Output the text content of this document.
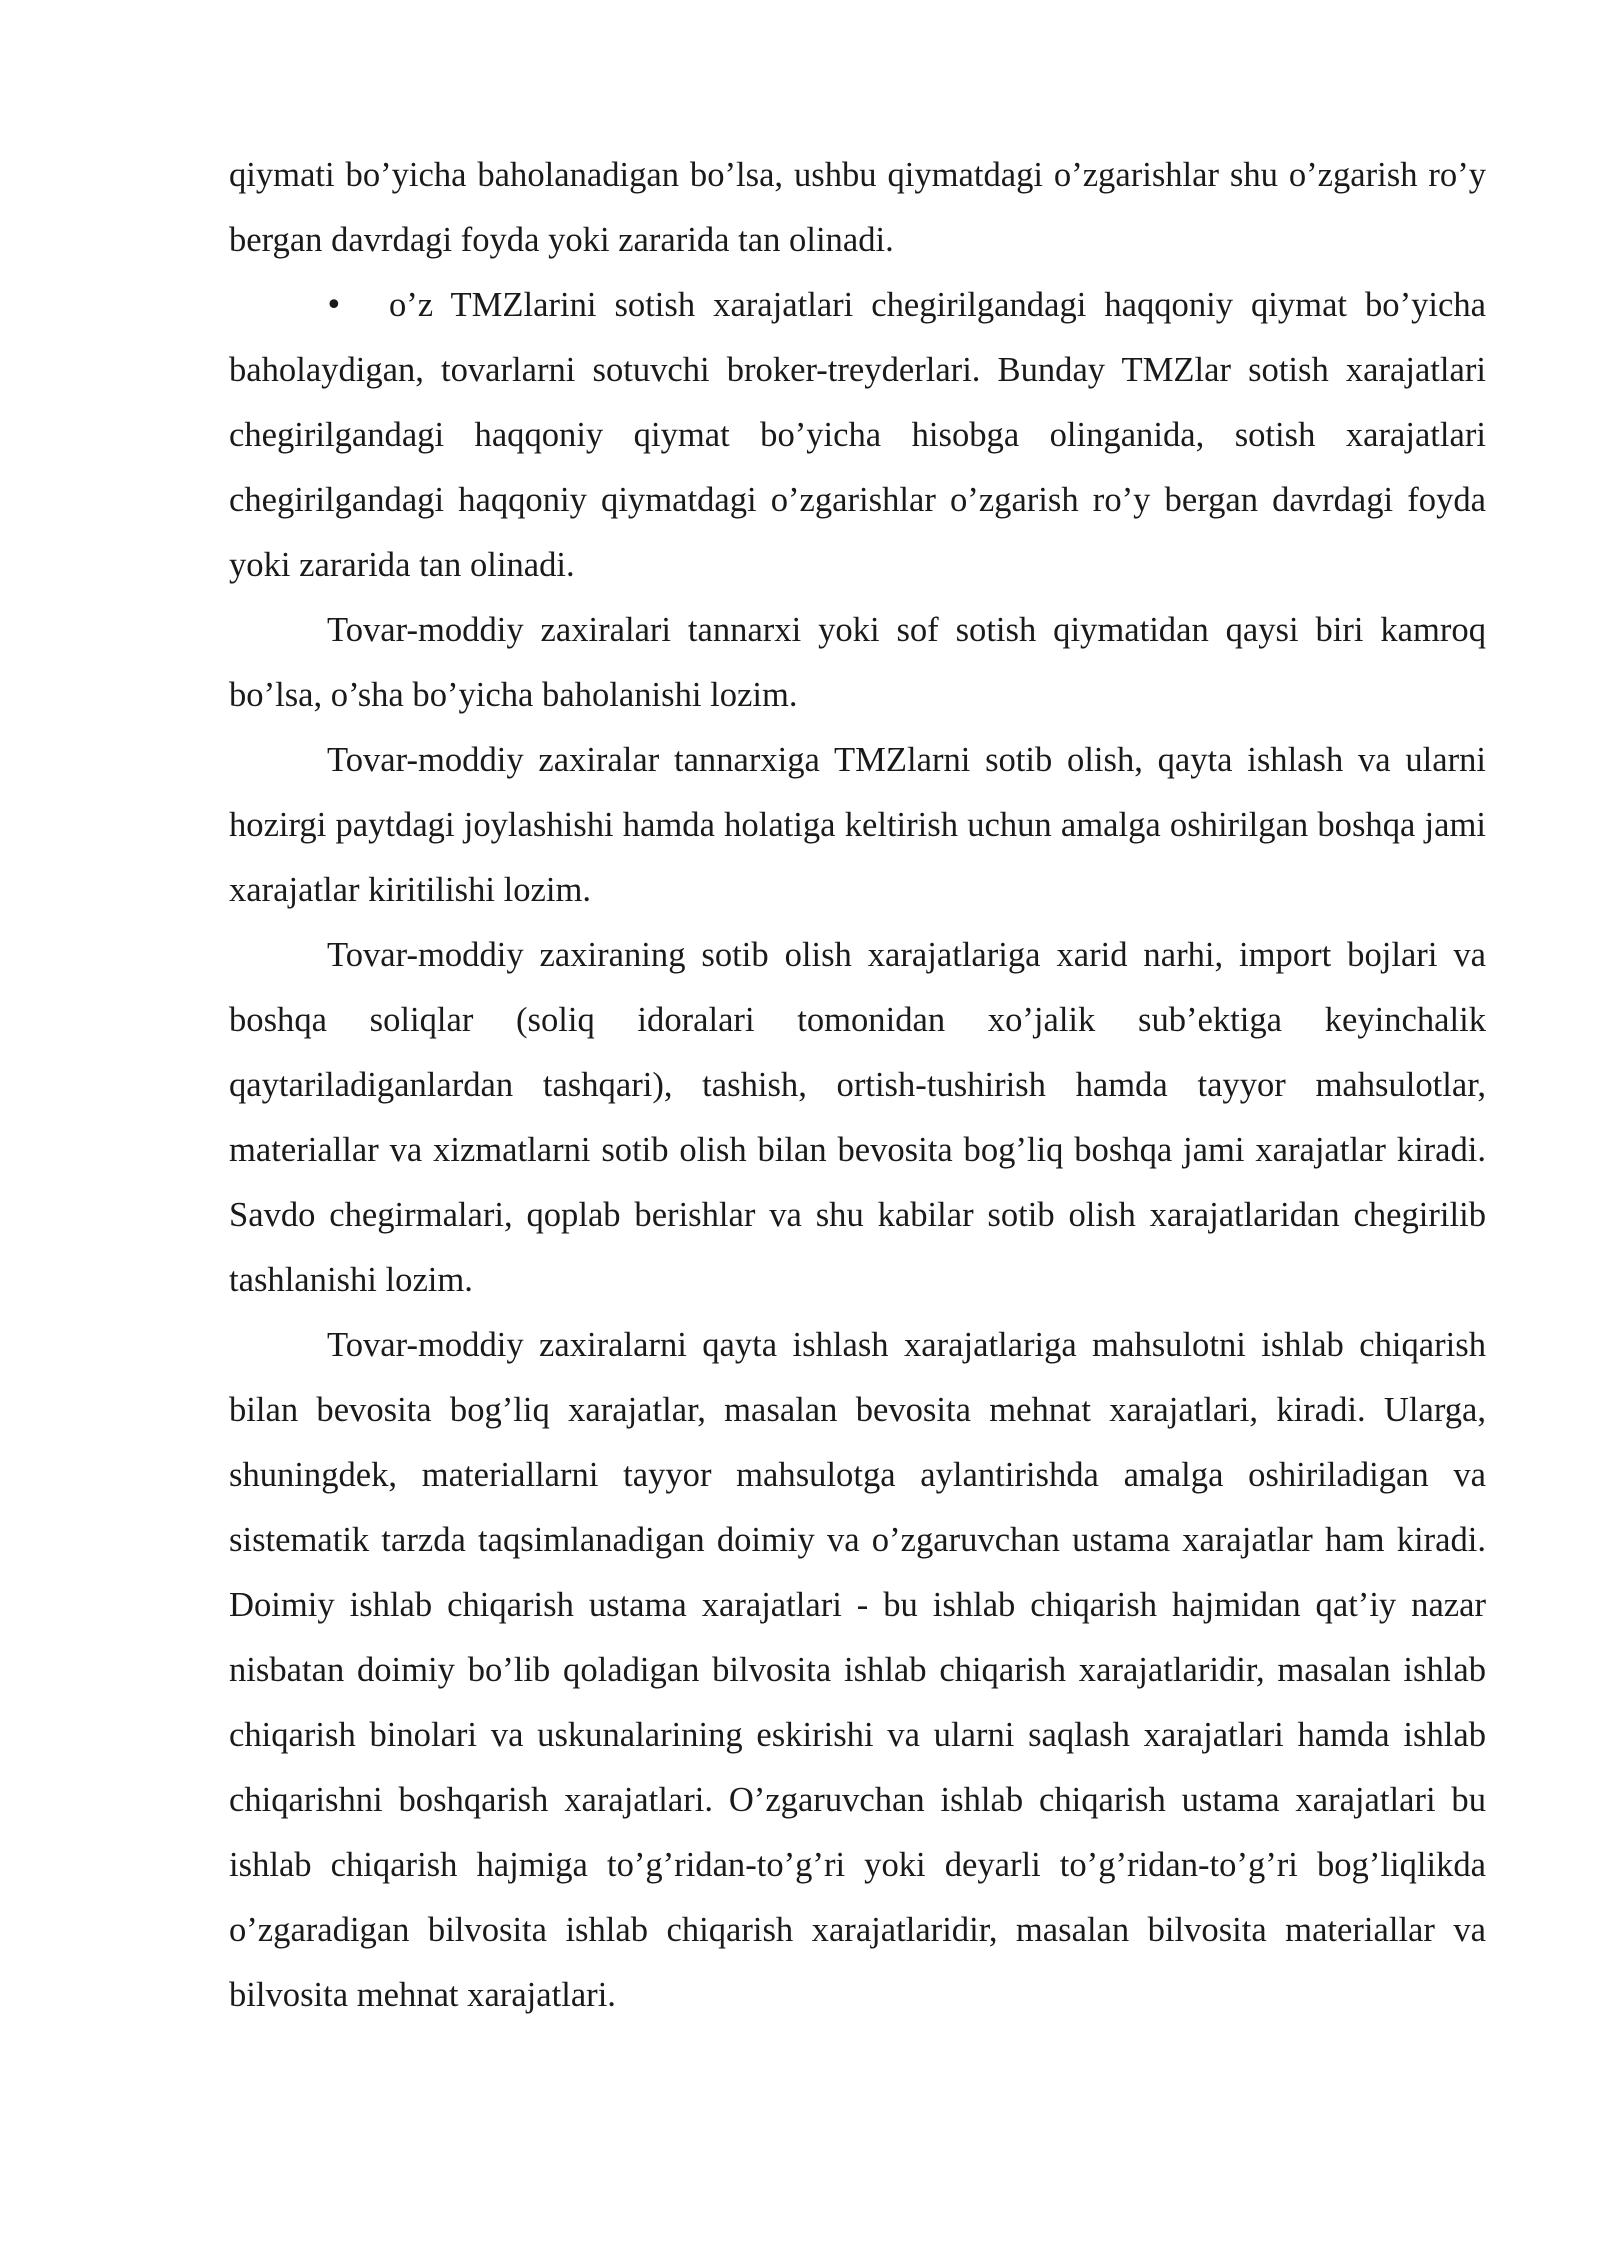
qiymati bo’yicha baholanadigan bo’lsa, ushbu qiymatdagi o’zgarishlar shu o’zgarish ro’y bergan davrdagi foyda yoki zararida tan olinadi.

•	o’z TMZlarini sotish xarajatlari chegirilgandagi haqqoniy qiymat bo’yicha baholaydigan, tovarlarni sotuvchi broker-treyderlari. Bunday TMZlar sotish xarajatlari chegirilgandagi haqqoniy qiymat bo’yicha hisobga olinganida, sotish xarajatlari chegirilgandagi haqqoniy qiymatdagi o’zgarishlar o’zgarish ro’y bergan davrdagi foyda yoki zararida tan olinadi.

Tovar-moddiy zaxiralari tannarxi yoki sof sotish qiymatidan qaysi biri kamroq bo’lsa, o’sha bo’yicha baholanishi lozim.

Tovar-moddiy zaxiralar tannarxiga TMZlarni sotib olish, qayta ishlash va ularni hozirgi paytdagi joylashishi hamda holatiga keltirish uchun amalga oshirilgan boshqa jami xarajatlar kiritilishi lozim.

Tovar-moddiy zaxiraning sotib olish xarajatlariga xarid narhi, import bojlari va boshqa soliqlar (soliq idoralari tomonidan xo’jalik sub’ektiga keyinchalik qaytariladiganlardan tashqari), tashish, ortish-tushirish hamda tayyor mahsulotlar, materiallar va xizmatlarni sotib olish bilan bevosita bog’liq boshqa jami xarajatlar kiradi. Savdo chegirmalari, qoplab berishlar va shu kabilar sotib olish xarajatlaridan chegirilib tashlanishi lozim.

Tovar-moddiy zaxiralarni qayta ishlash xarajatlariga mahsulotni ishlab chiqarish bilan bevosita bog’liq xarajatlar, masalan bevosita mehnat xarajatlari, kiradi. Ularga, shuningdek, materiallarni tayyor mahsulotga aylantirishda amalga oshiriladigan va sistematik tarzda taqsimlanadigan doimiy va o’zgaruvchan ustama xarajatlar ham kiradi. Doimiy ishlab chiqarish ustama xarajatlari - bu ishlab chiqarish hajmidan qat’iy nazar nisbatan doimiy bo’lib qoladigan bilvosita ishlab chiqarish xarajatlaridir, masalan ishlab chiqarish binolari va uskunalarining eskirishi va ularni saqlash xarajatlari hamda ishlab chiqarishni boshqarish xarajatlari. O’zgaruvchan ishlab chiqarish ustama xarajatlari bu ishlab chiqarish hajmiga to’g’ridan-to’g’ri yoki deyarli to’g’ridan-to’g’ri bog’liqlikda o’zgaradigan bilvosita ishlab chiqarish xarajatlaridir, masalan bilvosita materiallar va bilvosita mehnat xarajatlari.
